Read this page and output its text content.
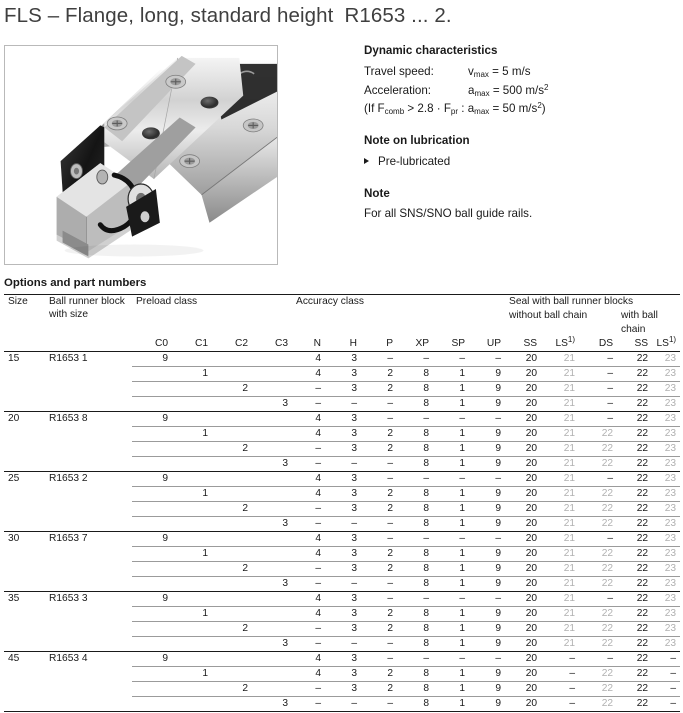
FLS – Flange, long, standard height R1653 ... 2.
Dynamic characteristics
Travel speed:	$v_{max} = 5$ m/s
Acceleration:	$a_{max} = 500$ $m/s^2$
(If $F_{comb} > 2.8 \cdot F_{pr}$ : $a_{max} = 50$ $m/s^2$)
Note on lubrication
Pre-lubricated
Note
For all SNS/SNO ball guide rails.
Options and part numbers
Size	Ball runner block with size	Preload class				Accuracy class						Seal with ball runner blocks				
												without ball chain			with ball chain	
		C0	C1	C2	C3	N	H	P	XP	SP	UP	SS	LS$^{1)}$	DS	SS	LS$^{1)}$
15	R1653 1	9				4	3	–	–	–	–	20	21	–	22	23
			1			4	3	2	8	1	9	20	21	–	22	23
				2		–	3	2	8	1	9	20	21	–	22	23
					3	–	–	–	8	1	9	20	21	–	22	23
20	R1653 8	9				4	3	–	–	–	–	20	21	–	22	23
			1			4	3	2	8	1	9	20	21	22	22	23
				2		–	3	2	8	1	9	20	21	22	22	23
					3	–	–	–	8	1	9	20	21	22	22	23
25	R1653 2	9				4	3	–	–	–	–	20	21	–	22	23
			1			4	3	2	8	1	9	20	21	22	22	23
				2		–	3	2	8	1	9	20	21	22	22	23
					3	–	–	–	8	1	9	20	21	22	22	23
30	R1653 7	9				4	3	–	–	–	–	20	21	–	22	23
			1			4	3	2	8	1	9	20	21	22	22	23
				2		–	3	2	8	1	9	20	21	22	22	23
					3	–	–	–	8	1	9	20	21	22	22	23
35	R1653 3	9				4	3	–	–	–	–	20	21	–	22	23
			1			4	3	2	8	1	9	20	21	22	22	23
				2		–	3	2	8	1	9	20	21	22	22	23
					3	–	–	–	8	1	9	20	21	22	22	23
45	R1653 4	9				4	3	–	–	–	–	20	–	–	22	–
			1			4	3	2	8	1	9	20	–	22	22	–
				2		–	3	2	8	1	9	20	–	22	22	–
					3	–	–	–	8	1	9	20	–	22	22	–
